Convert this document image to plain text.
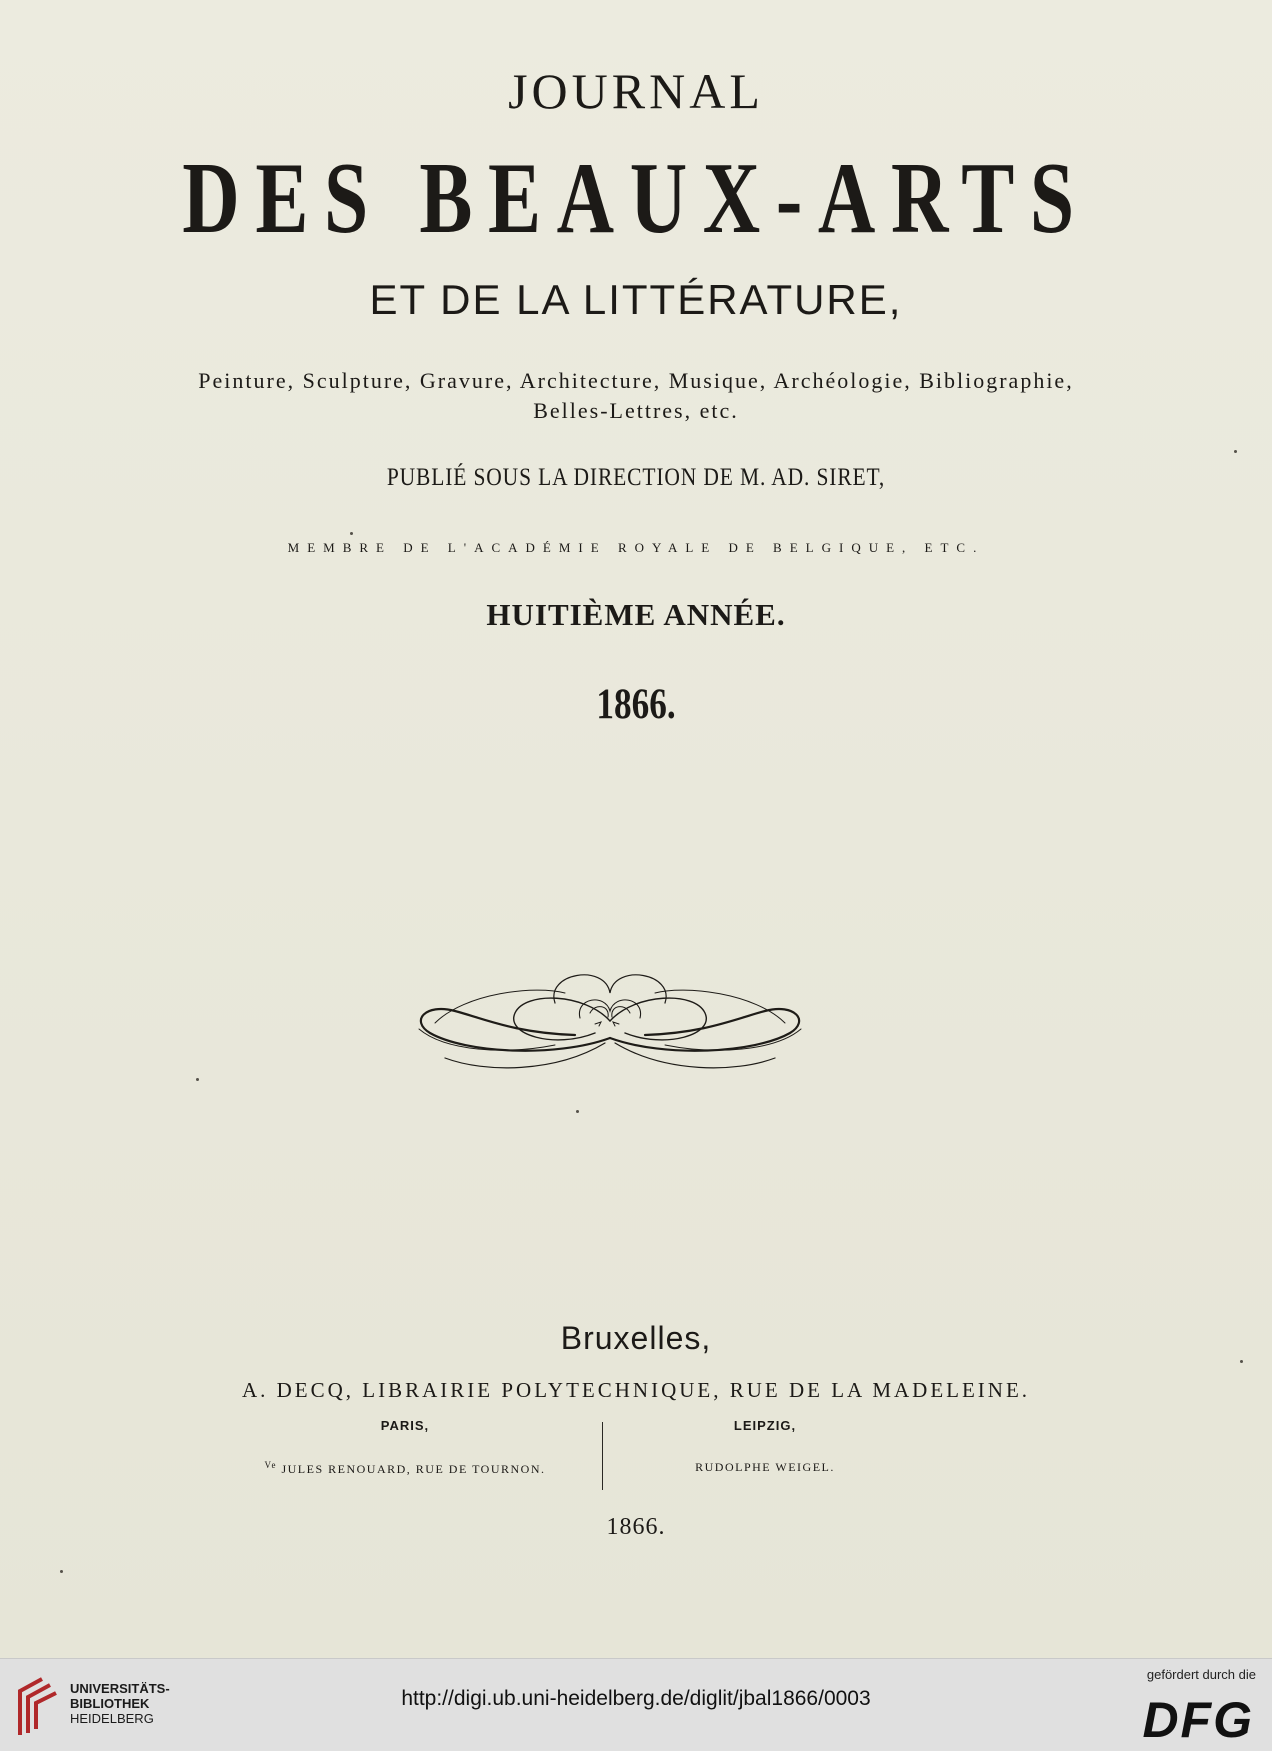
JOURNAL
DES BEAUX-ARTS
ET DE LA LITTÉRATURE,
Peinture, Sculpture, Gravure, Architecture, Musique, Archéologie, Bibliographie,
Belles-Lettres, etc.
PUBLIÉ SOUS LA DIRECTION DE M. AD. SIRET,
MEMBRE DE L'ACADÉMIE ROYALE DE BELGIQUE, ETC.
HUITIÈME ANNÉE.
1866.
Bruxelles,
A. DECQ, LIBRAIRIE POLYTECHNIQUE, RUE DE LA MADELEINE.
PARIS,
$^{Ve}$ JULES RENOUARD, RUE DE TOURNON.
LEIPZIG,
RUDOLPHE WEIGEL.
1866.
UNIVERSITÄTS-
BIBLIOTHEK
HEIDELBERG
http://digi.ub.uni-heidelberg.de/diglit/jbal1866/0003
gefördert durch die
DFG
